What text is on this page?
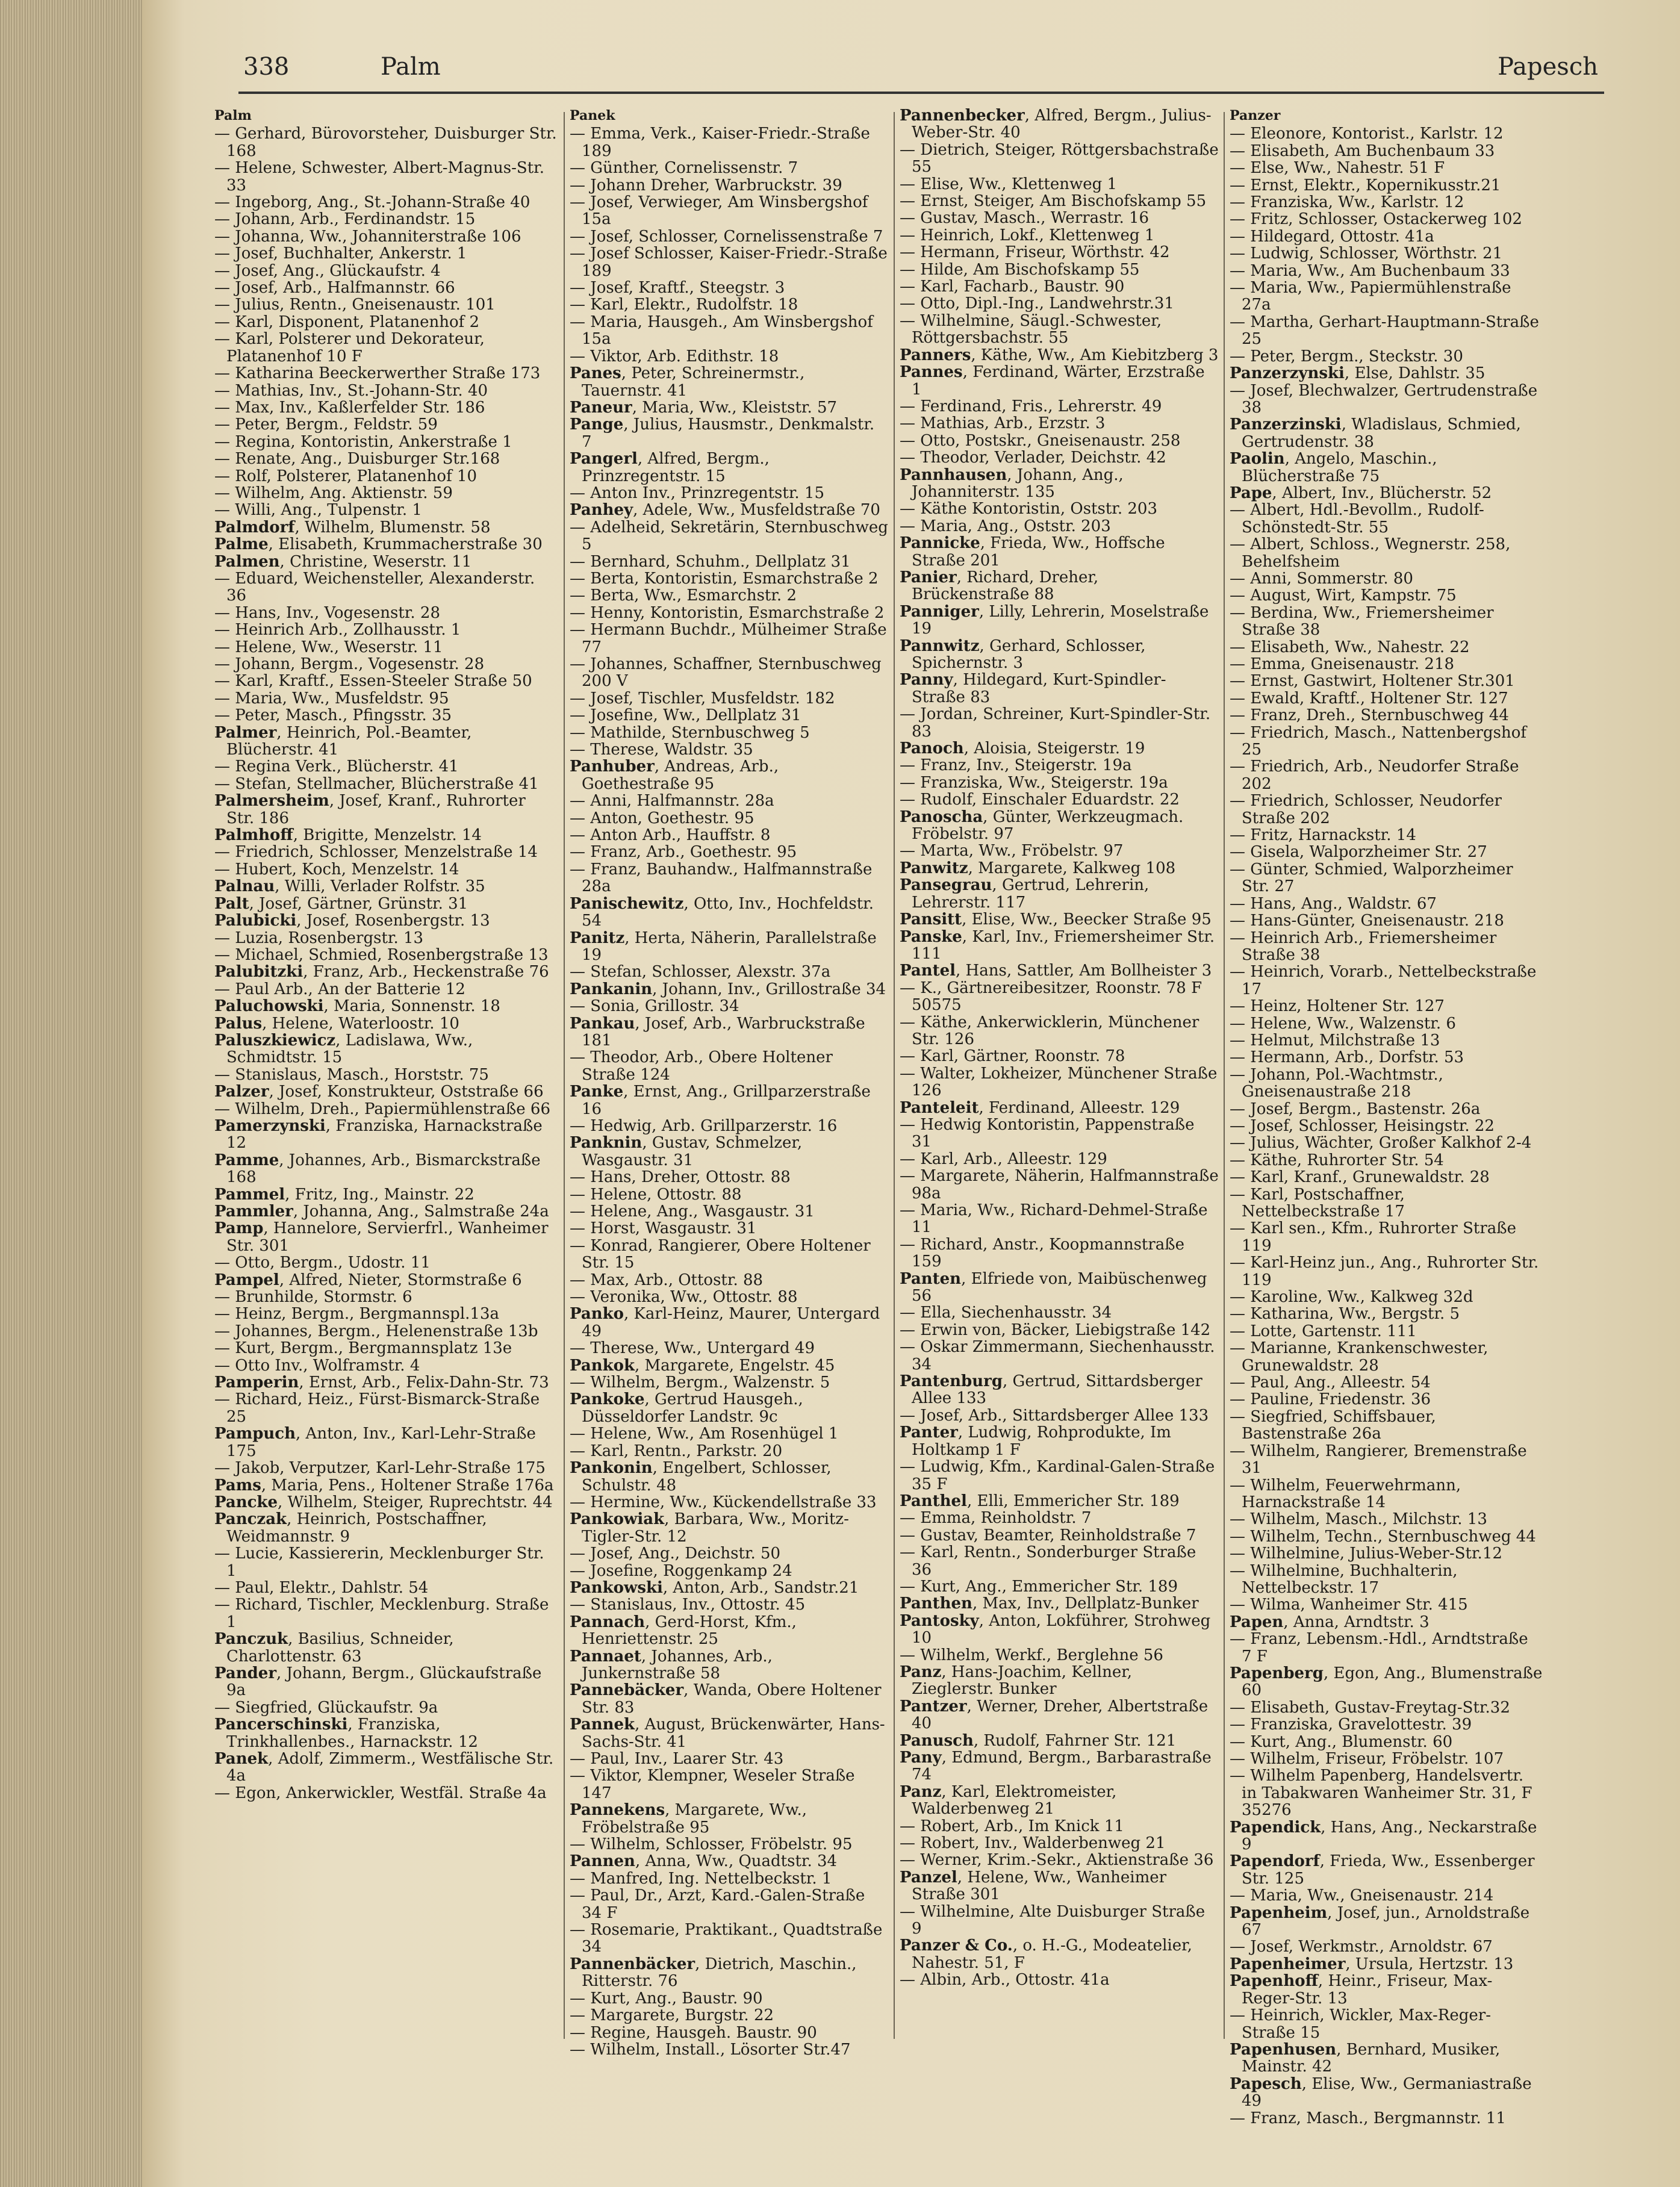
338	Palm	Papesch
Palm
— Gerhard, Bürovorsteher, Duisburger Str. 168
— Helene, Schwester, Albert-Magnus-Str. 33
— Ingeborg, Ang., St.-Johann-Straße 40
— Johann, Arb., Ferdinandstr. 15
— Johanna, Ww., Johanniterstraße 106
— Josef, Buchhalter, Ankerstr. 1
— Josef, Ang., Glückaufstr. 4
— Josef, Arb., Halfmannstr. 66
— Julius, Rentn., Gneisenaustr. 101
— Karl, Disponent, Platanenhof 2
— Karl, Polsterer und Dekorateur, Platanenhof 10 F
— Katharina Beeckerwerther Straße 173
— Mathias, Inv., St.-Johann-Str. 40
— Max, Inv., Kaßlerfelder Str. 186
— Peter, Bergm., Feldstr. 59
— Regina, Kontoristin, Ankerstraße 1
— Renate, Ang., Duisburger Str.168
— Rolf, Polsterer, Platanenhof 10
— Wilhelm, Ang. Aktienstr. 59
— Willi, Ang., Tulpenstr. 1
Palmdorf, Wilhelm, Blumenstr. 58
Palme, Elisabeth, Krummacherstraße 30
Palmen, Christine, Weserstr. 11
— Eduard, Weichensteller, Alexanderstr. 36
— Hans, Inv., Vogesenstr. 28
— Heinrich Arb., Zollhausstr. 1
— Helene, Ww., Weserstr. 11
— Johann, Bergm., Vogesenstr. 28
— Karl, Kraftf., Essen-Steeler Straße 50
— Maria, Ww., Musfeldstr. 95
— Peter, Masch., Pfingsstr. 35
Palmer, Heinrich, Pol.-Beamter, Blücherstr. 41
— Regina Verk., Blücherstr. 41
— Stefan, Stellmacher, Blücherstraße 41
Palmersheim, Josef, Kranf., Ruhrorter Str. 186
Palmhoff, Brigitte, Menzelstr. 14
— Friedrich, Schlosser, Menzelstraße 14
— Hubert, Koch, Menzelstr. 14
Palnau, Willi, Verlader Rolfstr. 35
Palt, Josef, Gärtner, Grünstr. 31
Palubicki, Josef, Rosenbergstr. 13
— Luzia, Rosenbergstr. 13
— Michael, Schmied, Rosenbergstraße 13
Palubitzki, Franz, Arb., Heckenstraße 76
— Paul Arb., An der Batterie 12
Paluchowski, Maria, Sonnenstr. 18
Palus, Helene, Waterloostr. 10
Paluszkiewicz, Ladislawa, Ww., Schmidtstr. 15
— Stanislaus, Masch., Horststr. 75
Palzer, Josef, Konstrukteur, Oststraße 66
— Wilhelm, Dreh., Papiermühlenstraße 66
Pamerzynski, Franziska, Harnackstraße 12
Pamme, Johannes, Arb., Bismarckstraße 168
Pammel, Fritz, Ing., Mainstr. 22
Pammler, Johanna, Ang., Salmstraße 24a
Pamp, Hannelore, Servierfrl., Wanheimer Str. 301
— Otto, Bergm., Udostr. 11
Pampel, Alfred, Nieter, Stormstraße 6
— Brunhilde, Stormstr. 6
— Heinz, Bergm., Bergmannspl.13a
— Johannes, Bergm., Helenenstraße 13b
— Kurt, Bergm., Bergmannsplatz 13e
— Otto Inv., Wolframstr. 4
Pamperin, Ernst, Arb., Felix-Dahn-Str. 73
— Richard, Heiz., Fürst-Bismarck-Straße 25
Pampuch, Anton, Inv., Karl-Lehr-Straße 175
— Jakob, Verputzer, Karl-Lehr-Straße 175
Pams, Maria, Pens., Holtener Straße 176a
Pancke, Wilhelm, Steiger, Ruprechtstr. 44
Panczak, Heinrich, Postschaffner, Weidmannstr. 9
— Lucie, Kassiererin, Mecklenburger Str. 1
— Paul, Elektr., Dahlstr. 54
— Richard, Tischler, Mecklenburg. Straße 1
Panczuk, Basilius, Schneider, Charlottenstr. 63
Pander, Johann, Bergm., Glückaufstraße 9a
— Siegfried, Glückaufstr. 9a
Pancerschinski, Franziska, Trinkhallenbes., Harnackstr. 12
Panek, Adolf, Zimmerm., Westfälische Str. 4a
— Egon, Ankerwickler, Westfäl. Straße 4a
Panek
— Emma, Verk., Kaiser-Friedr.-Straße 189
— Günther, Cornelissenstr. 7
— Johann Dreher, Warbruckstr. 39
— Josef, Verwieger, Am Winsbergshof 15a
— Josef, Schlosser, Cornelissenstraße 7
— Josef Schlosser, Kaiser-Friedr.-Straße 189
— Josef, Kraftf., Steegstr. 3
— Karl, Elektr., Rudolfstr. 18
— Maria, Hausgeh., Am Winsbergshof 15a
— Viktor, Arb. Edithstr. 18
Panes, Peter, Schreinermstr., Tauernstr. 41
Paneur, Maria, Ww., Kleiststr. 57
Pange, Julius, Hausmstr., Denkmalstr. 7
Pangerl, Alfred, Bergm., Prinzregentstr. 15
— Anton Inv., Prinzregentstr. 15
Panhey, Adele, Ww., Musfeldstraße 70
— Adelheid, Sekretärin, Sternbuschweg 5
— Bernhard, Schuhm., Dellplatz 31
— Berta, Kontoristin, Esmarchstraße 2
— Berta, Ww., Esmarchstr. 2
— Henny, Kontoristin, Esmarchstraße 2
— Hermann Buchdr., Mülheimer Straße 77
— Johannes, Schaffner, Sternbuschweg 200 V
— Josef, Tischler, Musfeldstr. 182
— Josefine, Ww., Dellplatz 31
— Mathilde, Sternbuschweg 5
— Therese, Waldstr. 35
Panhuber, Andreas, Arb., Goethestraße 95
— Anni, Halfmannstr. 28a
— Anton, Goethestr. 95
— Anton Arb., Hauffstr. 8
— Franz, Arb., Goethestr. 95
— Franz, Bauhandw., Halfmannstraße 28a
Panischewitz, Otto, Inv., Hochfeldstr. 54
Panitz, Herta, Näherin, Parallelstraße 19
— Stefan, Schlosser, Alexstr. 37a
Pankanin, Johann, Inv., Grillostraße 34
— Sonia, Grillostr. 34
Pankau, Josef, Arb., Warbruckstraße 181
— Theodor, Arb., Obere Holtener Straße 124
Panke, Ernst, Ang., Grillparzerstraße 16
— Hedwig, Arb. Grillparzerstr. 16
Panknin, Gustav, Schmelzer, Wasgaustr. 31
— Hans, Dreher, Ottostr. 88
— Helene, Ottostr. 88
— Helene, Ang., Wasgaustr. 31
— Horst, Wasgaustr. 31
— Konrad, Rangierer, Obere Holtener Str. 15
— Max, Arb., Ottostr. 88
— Veronika, Ww., Ottostr. 88
Panko, Karl-Heinz, Maurer, Untergard 49
— Therese, Ww., Untergard 49
Pankok, Margarete, Engelstr. 45
— Wilhelm, Bergm., Walzenstr. 5
Pankoke, Gertrud Hausgeh., Düsseldorfer Landstr. 9c
— Helene, Ww., Am Rosenhügel 1
— Karl, Rentn., Parkstr. 20
Pankonin, Engelbert, Schlosser, Schulstr. 48
— Hermine, Ww., Kückendellstraße 33
Pankowiak, Barbara, Ww., Moritz-Tigler-Str. 12
— Josef, Ang., Deichstr. 50
— Josefine, Roggenkamp 24
Pankowski, Anton, Arb., Sandstr.21
— Stanislaus, Inv., Ottostr. 45
Pannach, Gerd-Horst, Kfm., Henriettenstr. 25
Pannaet, Johannes, Arb., Junkernstraße 58
Pannebäcker, Wanda, Obere Holtener Str. 83
Pannek, August, Brückenwärter, Hans-Sachs-Str. 41
— Paul, Inv., Laarer Str. 43
— Viktor, Klempner, Weseler Straße 147
Pannekens, Margarete, Ww., Fröbelstraße 95
— Wilhelm, Schlosser, Fröbelstr. 95
Pannen, Anna, Ww., Quadtstr. 34
— Manfred, Ing. Nettelbeckstr. 1
— Paul, Dr., Arzt, Kard.-Galen-Straße 34 F
— Rosemarie, Praktikant., Quadtstraße 34
Pannenbäcker, Dietrich, Maschin., Ritterstr. 76
— Kurt, Ang., Baustr. 90
— Margarete, Burgstr. 22
— Regine, Hausgeh. Baustr. 90
— Wilhelm, Install., Lösorter Str.47
Pannenbecker, Alfred, Bergm., Julius-Weber-Str. 40
— Dietrich, Steiger, Röttgersbachstraße 55
— Elise, Ww., Klettenweg 1
— Ernst, Steiger, Am Bischofskamp 55
— Gustav, Masch., Werrastr. 16
— Heinrich, Lokf., Klettenweg 1
— Hermann, Friseur, Wörthstr. 42
— Hilde, Am Bischofskamp 55
— Karl, Facharb., Baustr. 90
— Otto, Dipl.-Ing., Landwehrstr.31
— Wilhelmine, Säugl.-Schwester, Röttgersbachstr. 55
Panners, Käthe, Ww., Am Kiebitzberg 3
Pannes, Ferdinand, Wärter, Erzstraße 1
— Ferdinand, Fris., Lehrerstr. 49
— Mathias, Arb., Erzstr. 3
— Otto, Postskr., Gneisenaustr. 258
— Theodor, Verlader, Deichstr. 42
Pannhausen, Johann, Ang., Johanniterstr. 135
— Käthe Kontoristin, Oststr. 203
— Maria, Ang., Oststr. 203
Pannicke, Frieda, Ww., Hoffsche Straße 201
Panier, Richard, Dreher, Brückenstraße 88
Panniger, Lilly, Lehrerin, Moselstraße 19
Pannwitz, Gerhard, Schlosser, Spichernstr. 3
Panny, Hildegard, Kurt-Spindler-Straße 83
— Jordan, Schreiner, Kurt-Spindler-Str. 83
Panoch, Aloisia, Steigerstr. 19
— Franz, Inv., Steigerstr. 19a
— Franziska, Ww., Steigerstr. 19a
— Rudolf, Einschaler Eduardstr. 22
Panoscha, Günter, Werkzeugmach. Fröbelstr. 97
— Marta, Ww., Fröbelstr. 97
Panwitz, Margarete, Kalkweg 108
Pansegrau, Gertrud, Lehrerin, Lehrerstr. 117
Pansitt, Elise, Ww., Beecker Straße 95
Panske, Karl, Inv., Friemersheimer Str. 111
Pantel, Hans, Sattler, Am Bollheister 3
— K., Gärtnereibesitzer, Roonstr. 78 F 50575
— Käthe, Ankerwicklerin, Münchener Str. 126
— Karl, Gärtner, Roonstr. 78
— Walter, Lokheizer, Münchener Straße 126
Panteleit, Ferdinand, Alleestr. 129
— Hedwig Kontoristin, Pappenstraße 31
— Karl, Arb., Alleestr. 129
— Margarete, Näherin, Halfmannstraße 98a
— Maria, Ww., Richard-Dehmel-Straße 11
— Richard, Anstr., Koopmannstraße 159
Panten, Elfriede von, Maibüschenweg 56
— Ella, Siechenhausstr. 34
— Erwin von, Bäcker, Liebigstraße 142
— Oskar Zimmermann, Siechenhausstr. 34
Pantenburg, Gertrud, Sittardsberger Allee 133
— Josef, Arb., Sittardsberger Allee 133
Panter, Ludwig, Rohprodukte, Im Holtkamp 1 F
— Ludwig, Kfm., Kardinal-Galen-Straße 35 F
Panthel, Elli, Emmericher Str. 189
— Emma, Reinholdstr. 7
— Gustav, Beamter, Reinholdstraße 7
— Karl, Rentn., Sonderburger Straße 36
— Kurt, Ang., Emmericher Str. 189
Panthen, Max, Inv., Dellplatz-Bunker
Pantosky, Anton, Lokführer, Strohweg 10
— Wilhelm, Werkf., Berglehne 56
Panz, Hans-Joachim, Kellner, Zieglerstr. Bunker
Pantzer, Werner, Dreher, Albertstraße 40
Panusch, Rudolf, Fahrner Str. 121
Pany, Edmund, Bergm., Barbarastraße 74
Panz, Karl, Elektromeister, Walderbenweg 21
— Robert, Arb., Im Knick 11
— Robert, Inv., Walderbenweg 21
— Werner, Krim.-Sekr., Aktienstraße 36
Panzel, Helene, Ww., Wanheimer Straße 301
— Wilhelmine, Alte Duisburger Straße 9
Panzer & Co., o. H.-G., Modeatelier, Nahestr. 51, F
— Albin, Arb., Ottostr. 41a
Panzer
— Eleonore, Kontorist., Karlstr. 12
— Elisabeth, Am Buchenbaum 33
— Else, Ww., Nahestr. 51 F
— Ernst, Elektr., Kopernikusstr.21
— Franziska, Ww., Karlstr. 12
— Fritz, Schlosser, Ostackerweg 102
— Hildegard, Ottostr. 41a
— Ludwig, Schlosser, Wörthstr. 21
— Maria, Ww., Am Buchenbaum 33
— Maria, Ww., Papiermühlenstraße 27a
— Martha, Gerhart-Hauptmann-Straße 25
— Peter, Bergm., Steckstr. 30
Panzerzynski, Else, Dahlstr. 35
— Josef, Blechwalzer, Gertrudenstraße 38
Panzerzinski, Wladislaus, Schmied, Gertrudenstr. 38
Paolin, Angelo, Maschin., Blücherstraße 75
Pape, Albert, Inv., Blücherstr. 52
— Albert, Hdl.-Bevollm., Rudolf-Schönstedt-Str. 55
— Albert, Schloss., Wegnerstr. 258, Behelfsheim
— Anni, Sommerstr. 80
— August, Wirt, Kampstr. 75
— Berdina, Ww., Friemersheimer Straße 38
— Elisabeth, Ww., Nahestr. 22
— Emma, Gneisenaustr. 218
— Ernst, Gastwirt, Holtener Str.301
— Ewald, Kraftf., Holtener Str. 127
— Franz, Dreh., Sternbuschweg 44
— Friedrich, Masch., Nattenbergshof 25
— Friedrich, Arb., Neudorfer Straße 202
— Friedrich, Schlosser, Neudorfer Straße 202
— Fritz, Harnackstr. 14
— Gisela, Walporzheimer Str. 27
— Günter, Schmied, Walporzheimer Str. 27
— Hans, Ang., Waldstr. 67
— Hans-Günter, Gneisenaustr. 218
— Heinrich Arb., Friemersheimer Straße 38
— Heinrich, Vorarb., Nettelbeckstraße 17
— Heinz, Holtener Str. 127
— Helene, Ww., Walzenstr. 6
— Helmut, Milchstraße 13
— Hermann, Arb., Dorfstr. 53
— Johann, Pol.-Wachtmstr., Gneisenaustraße 218
— Josef, Bergm., Bastenstr. 26a
— Josef, Schlosser, Heisingstr. 22
— Julius, Wächter, Großer Kalkhof 2-4
— Käthe, Ruhrorter Str. 54
— Karl, Kranf., Grunewaldstr. 28
— Karl, Postschaffner, Nettelbeckstraße 17
— Karl sen., Kfm., Ruhrorter Straße 119
— Karl-Heinz jun., Ang., Ruhrorter Str. 119
— Karoline, Ww., Kalkweg 32d
— Katharina, Ww., Bergstr. 5
— Lotte, Gartenstr. 111
— Marianne, Krankenschwester, Grunewaldstr. 28
— Paul, Ang., Alleestr. 54
— Pauline, Friedenstr. 36
— Siegfried, Schiffsbauer, Bastenstraße 26a
— Wilhelm, Rangierer, Bremenstraße 31
— Wilhelm, Feuerwehrmann, Harnackstraße 14
— Wilhelm, Masch., Milchstr. 13
— Wilhelm, Techn., Sternbuschweg 44
— Wilhelmine, Julius-Weber-Str.12
— Wilhelmine, Buchhalterin, Nettelbeckstr. 17
— Wilma, Wanheimer Str. 415
Papen, Anna, Arndtstr. 3
— Franz, Lebensm.-Hdl., Arndtstraße 7 F
Papenberg, Egon, Ang., Blumenstraße 60
— Elisabeth, Gustav-Freytag-Str.32
— Franziska, Gravelottestr. 39
— Kurt, Ang., Blumenstr. 60
— Wilhelm, Friseur, Fröbelstr. 107
— Wilhelm Papenberg, Handelsvertr. in Tabakwaren Wanheimer Str. 31, F 35276
Papendick, Hans, Ang., Neckarstraße 9
Papendorf, Frieda, Ww., Essenberger Str. 125
— Maria, Ww., Gneisenaustr. 214
Papenheim, Josef, jun., Arnoldstraße 67
— Josef, Werkmstr., Arnoldstr. 67
Papenheimer, Ursula, Hertzstr. 13
Papenhoff, Heinr., Friseur, Max-Reger-Str. 13
— Heinrich, Wickler, Max-Reger-Straße 15
Papenhusen, Bernhard, Musiker, Mainstr. 42
Papesch, Elise, Ww., Germaniastraße 49
— Franz, Masch., Bergmannstr. 11
